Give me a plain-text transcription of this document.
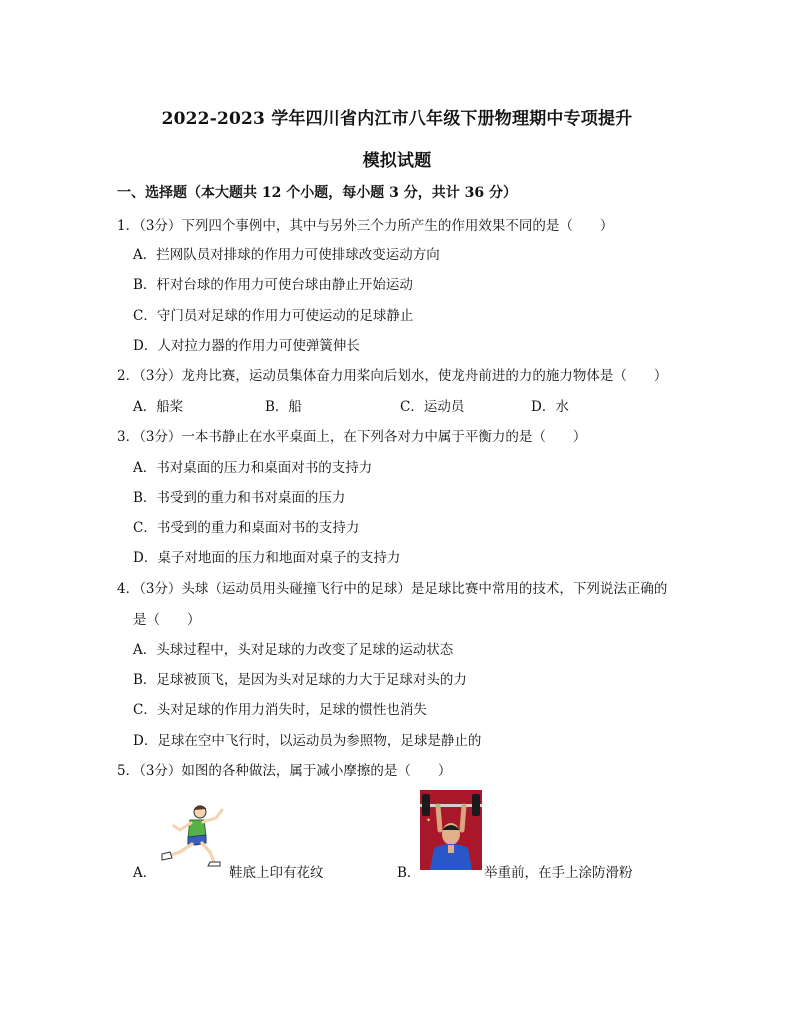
2022-2023 学年四川省内江市八年级下册物理期中专项提升
模拟试题
一、选择题（本大题共 12 个小题，每小题 3 分，共计 36 分）
1．（3分）下列四个事例中，其中与另外三个力所产生的作用效果不同的是（　　）
A．拦网队员对排球的作用力可使排球改变运动方向
B．杆对台球的作用力可使台球由静止开始运动
C．守门员对足球的作用力可使运动的足球静止
D．人对拉力器的作用力可使弹簧伸长
2．（3分）龙舟比赛，运动员集体奋力用桨向后划水，使龙舟前进的力的施力物体是（　　）
A．船桨	B．船	C．运动员	D．水
3．（3分）一本书静止在水平桌面上，在下列各对力中属于平衡力的是（　　）
A．书对桌面的压力和桌面对书的支持力
B．书受到的重力和书对桌面的压力
C．书受到的重力和桌面对书的支持力
D．桌子对地面的压力和地面对桌子的支持力
4．（3分）头球（运动员用头碰撞飞行中的足球）是足球比赛中常用的技术，下列说法正确的
是（　　）
A．头球过程中，头对足球的力改变了足球的运动状态
B．足球被顶飞，是因为头对足球的力大于足球对头的力
C．头对足球的作用力消失时，足球的惯性也消失
D．足球在空中飞行时，以运动员为参照物，足球是静止的
5．（3分）如图的各种做法，属于减小摩擦的是（　　）
A．	鞋底上印有花纹	B．
✦
举重前，在手上涂防滑粉
